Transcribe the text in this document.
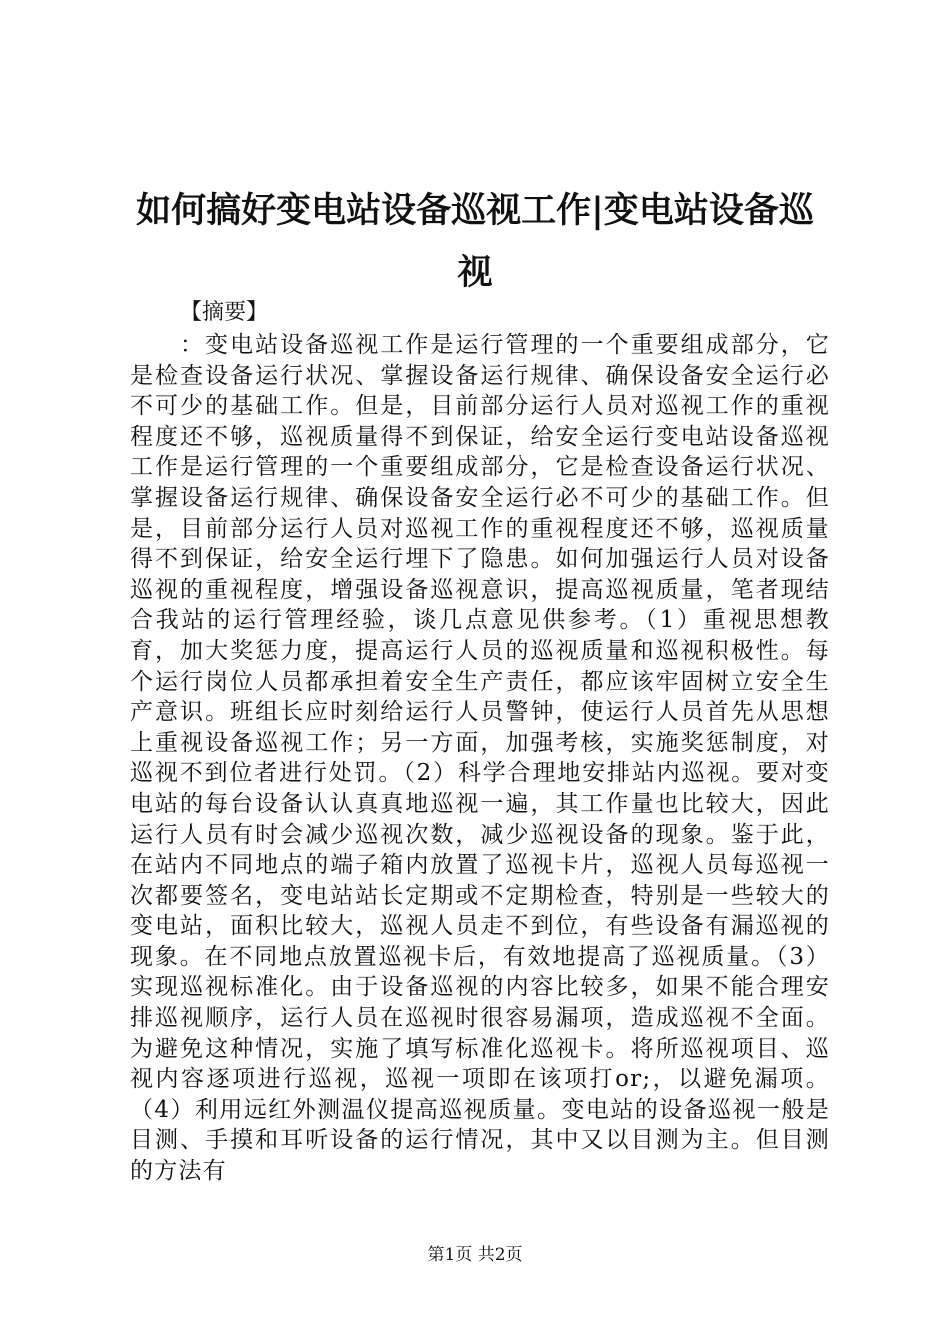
如何搞好变电站设备巡视工作|变电站设备巡视
【摘要】
：变电站设备巡视工作是运行管理的一个重要组成部分，它是检查设备运行状况、掌握设备运行规律、确保设备安全运行必不可少的基础工作。但是，目前部分运行人员对巡视工作的重视程度还不够，巡视质量得不到保证，给安全运行变电站设备巡视工作是运行管理的一个重要组成部分，它是检查设备运行状况、掌握设备运行规律、确保设备安全运行必不可少的基础工作。但是，目前部分运行人员对巡视工作的重视程度还不够，巡视质量得不到保证，给安全运行埋下了隐患。如何加强运行人员对设备巡视的重视程度，增强设备巡视意识，提高巡视质量，笔者现结合我站的运行管理经验，谈几点意见供参考。（1）重视思想教育，加大奖惩力度，提高运行人员的巡视质量和巡视积极性。每个运行岗位人员都承担着安全生产责任，都应该牢固树立安全生产意识。班组长应时刻给运行人员警钟，使运行人员首先从思想上重视设备巡视工作；另一方面，加强考核，实施奖惩制度，对巡视不到位者进行处罚。（2）科学合理地安排站内巡视。要对变电站的每台设备认认真真地巡视一遍，其工作量也比较大，因此运行人员有时会减少巡视次数，减少巡视设备的现象。鉴于此，在站内不同地点的端子箱内放置了巡视卡片，巡视人员每巡视一次都要签名，变电站站长定期或不定期检查，特别是一些较大的变电站，面积比较大，巡视人员走不到位，有些设备有漏巡视的现象。在不同地点放置巡视卡后，有效地提高了巡视质量。（3）实现巡视标准化。由于设备巡视的内容比较多，如果不能合理安排巡视顺序，运行人员在巡视时很容易漏项，造成巡视不全面。为避免这种情况，实施了填写标准化巡视卡。将所巡视项目、巡视内容逐项进行巡视，巡视一项即在该项打or;，以避免漏项。（4）利用远红外测温仪提高巡视质量。变电站的设备巡视一般是目测、手摸和耳听设备的运行情况，其中又以目测为主。但目测的方法有
第1页 共2页
